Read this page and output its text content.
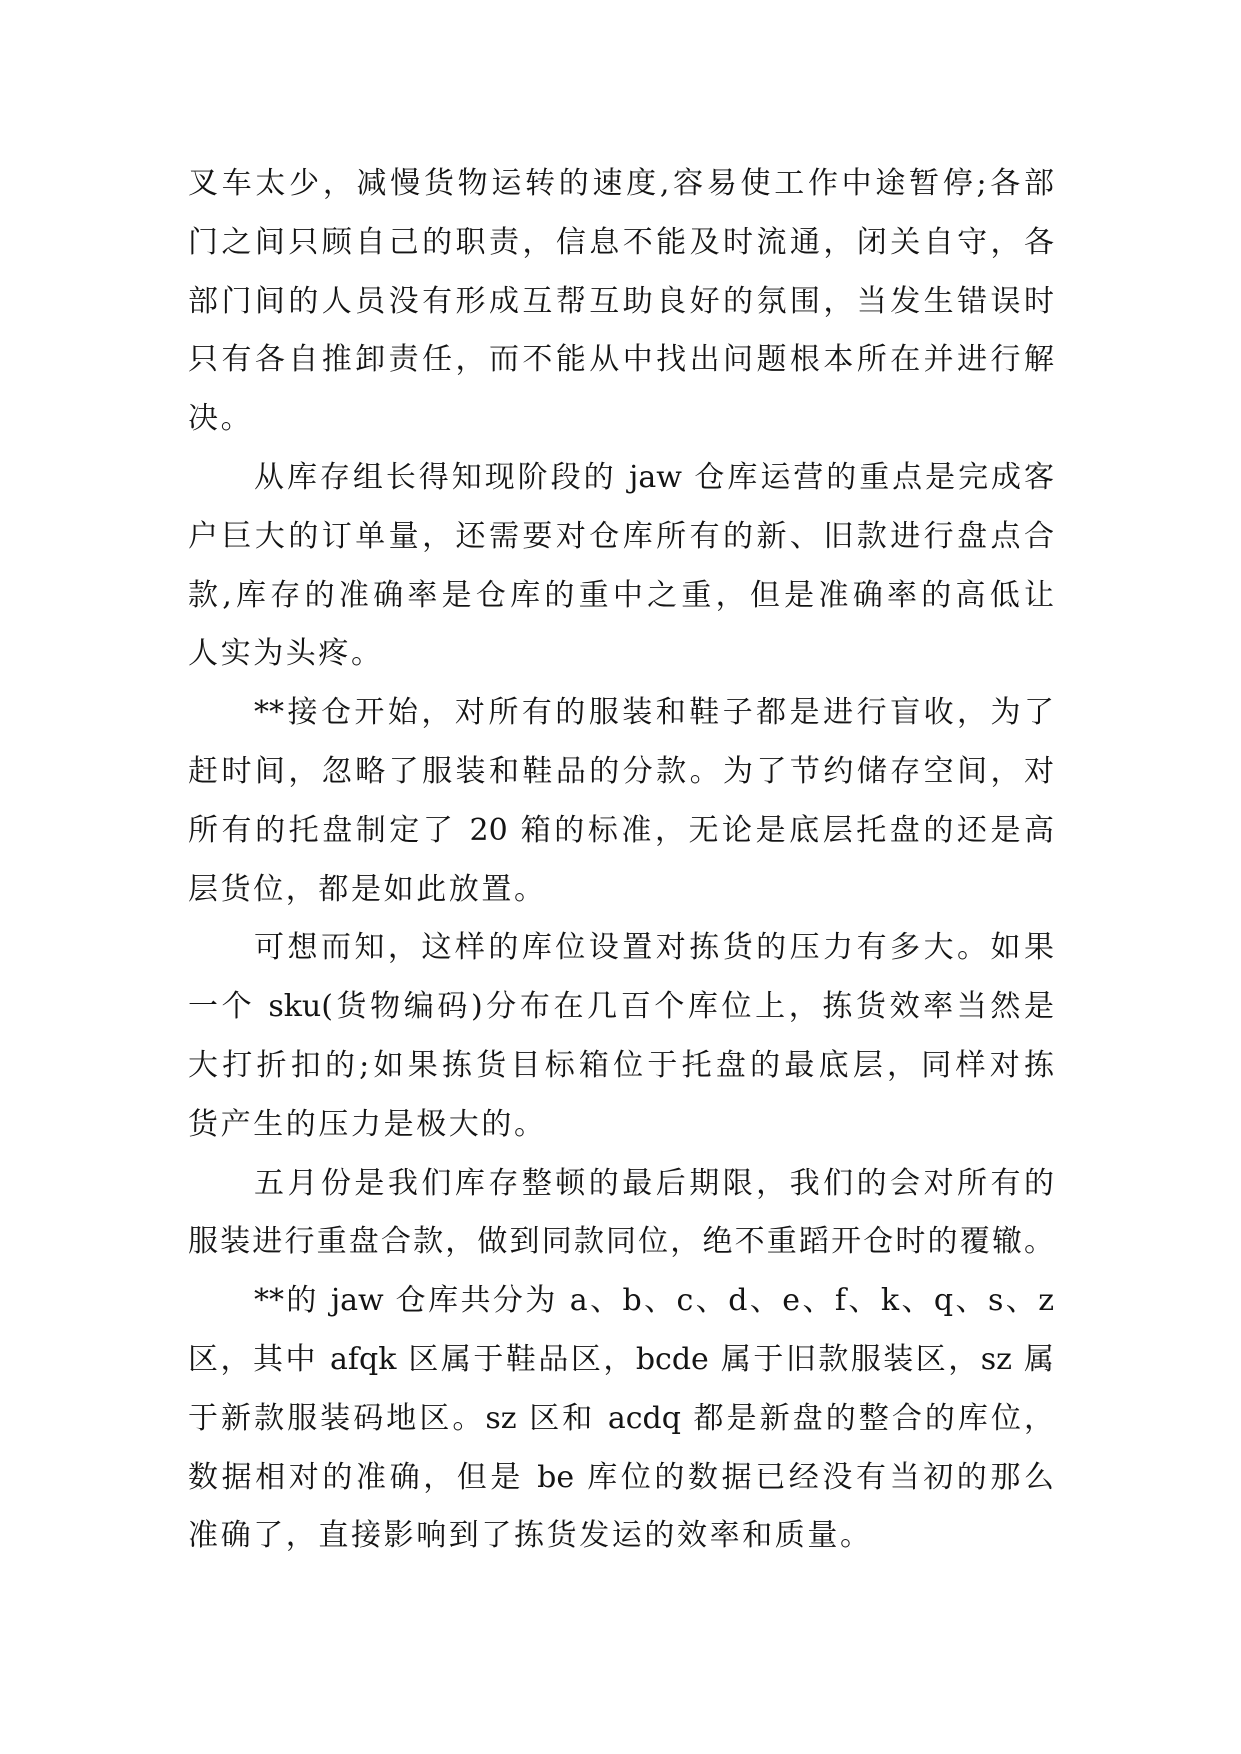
叉车太少，减慢货物运转的速度,容易使工作中途暂停;各部
门之间只顾自己的职责，信息不能及时流通，闭关自守，各
部门间的人员没有形成互帮互助良好的氛围，当发生错误时
只有各自推卸责任，而不能从中找出问题根本所在并进行解
决。
从库存组长得知现阶段的 jaw 仓库运营的重点是完成客
户巨大的订单量，还需要对仓库所有的新、旧款进行盘点合
款,库存的准确率是仓库的重中之重，但是准确率的高低让
人实为头疼。
**接仓开始，对所有的服装和鞋子都是进行盲收，为了
赶时间，忽略了服装和鞋品的分款。为了节约储存空间，对
所有的托盘制定了 20 箱的标准，无论是底层托盘的还是高
层货位，都是如此放置。
可想而知，这样的库位设置对拣货的压力有多大。如果
一个 sku(货物编码)分布在几百个库位上，拣货效率当然是
大打折扣的;如果拣货目标箱位于托盘的最底层，同样对拣
货产生的压力是极大的。
五月份是我们库存整顿的最后期限，我们的会对所有的
服装进行重盘合款，做到同款同位，绝不重蹈开仓时的覆辙。
**的 jaw 仓库共分为 a、b、c、d、e、f、k、q、s、z
区，其中 afqk 区属于鞋品区，bcde 属于旧款服装区，sz 属
于新款服装码地区。sz 区和 acdq 都是新盘的整合的库位，
数据相对的准确，但是 be 库位的数据已经没有当初的那么
准确了，直接影响到了拣货发运的效率和质量。
